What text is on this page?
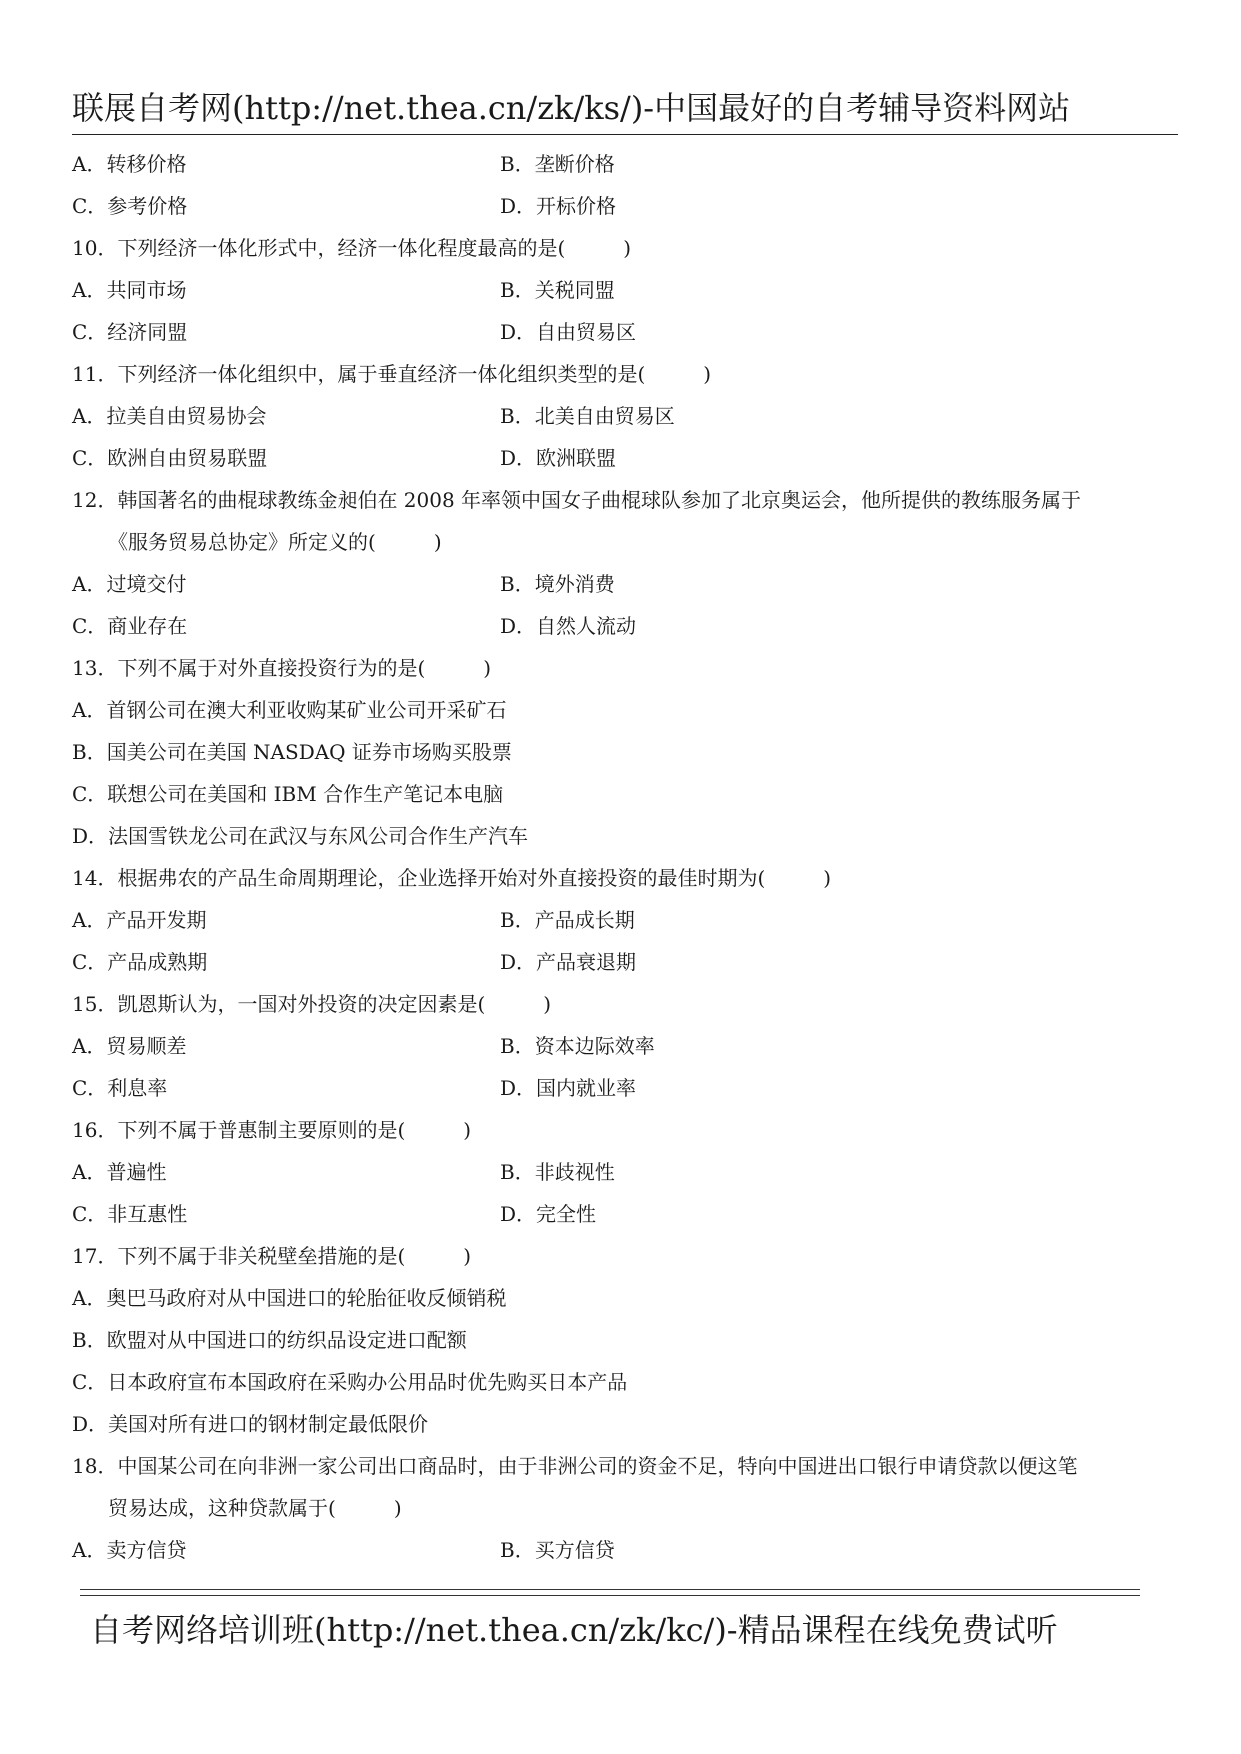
联展自考网(http://net.thea.cn/zk/ks/)-中国最好的自考辅导资料网站
A．转移价格	B．垄断价格
C．参考价格	D．开标价格
10．下列经济一体化形式中，经济一体化程度最高的是(	)
A．共同市场	B．关税同盟
C．经济同盟	D．自由贸易区
11．下列经济一体化组织中，属于垂直经济一体化组织类型的是(	)
A．拉美自由贸易协会	B．北美自由贸易区
C．欧洲自由贸易联盟	D．欧洲联盟
12．韩国著名的曲棍球教练金昶伯在 2008 年率领中国女子曲棍球队参加了北京奥运会，他所提供的教练服务属于
《服务贸易总协定》所定义的(	)
A．过境交付	B．境外消费
C．商业存在	D．自然人流动
13．下列不属于对外直接投资行为的是(	)
A．首钢公司在澳大利亚收购某矿业公司开采矿石
B．国美公司在美国 NASDAQ 证券市场购买股票
C．联想公司在美国和 IBM 合作生产笔记本电脑
D．法国雪铁龙公司在武汉与东风公司合作生产汽车
14．根据弗农的产品生命周期理论，企业选择开始对外直接投资的最佳时期为(	)
A．产品开发期	B．产品成长期
C．产品成熟期	D．产品衰退期
15．凯恩斯认为，一国对外投资的决定因素是(	)
A．贸易顺差	B．资本边际效率
C．利息率	D．国内就业率
16．下列不属于普惠制主要原则的是(	)
A．普遍性	B．非歧视性
C．非互惠性	D．完全性
17．下列不属于非关税壁垒措施的是(	)
A．奥巴马政府对从中国进口的轮胎征收反倾销税
B．欧盟对从中国进口的纺织品设定进口配额
C．日本政府宣布本国政府在采购办公用品时优先购买日本产品
D．美国对所有进口的钢材制定最低限价
18．中国某公司在向非洲一家公司出口商品时，由于非洲公司的资金不足，特向中国进出口银行申请贷款以便这笔
贸易达成，这种贷款属于(	)
A．卖方信贷	B．买方信贷
自考网络培训班(http://net.thea.cn/zk/kc/)-精品课程在线免费试听
